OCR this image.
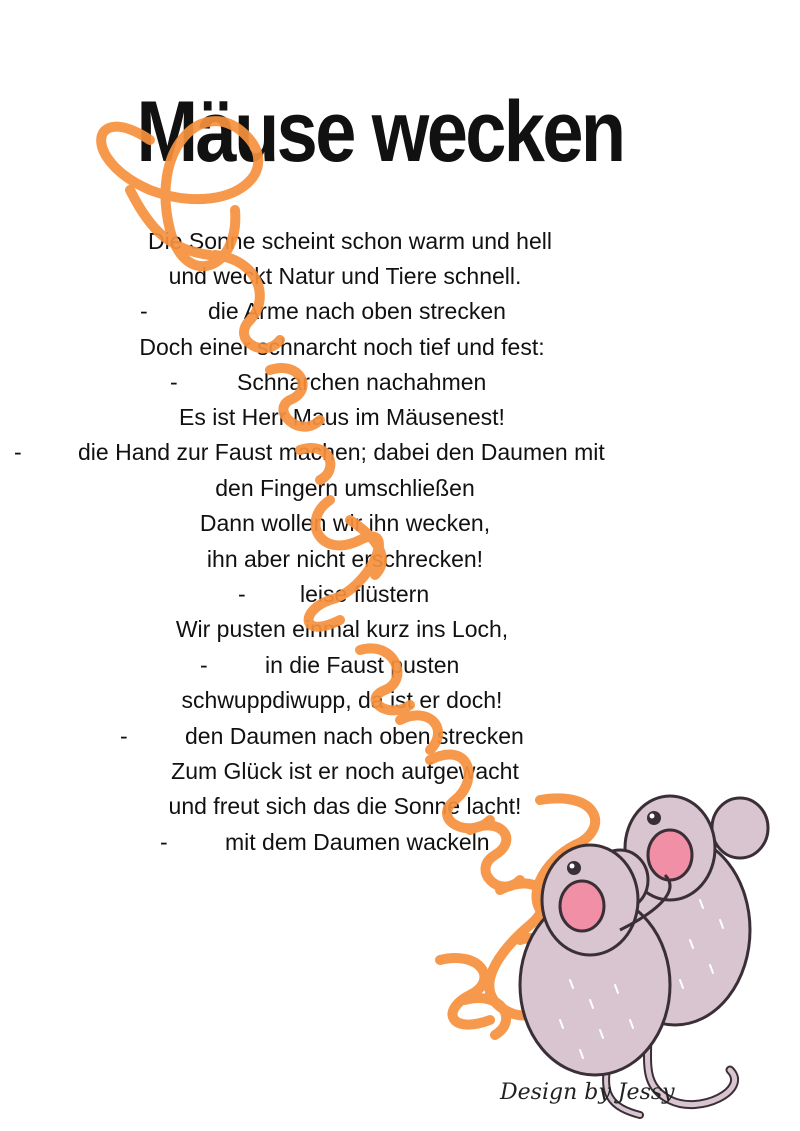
Mäuse wecken
Die Sonne scheint schon warm und hell
und weckt Natur und Tiere schnell.
-	die Arme nach oben strecken
Doch einer schnarcht noch tief und fest:
-	Schnarchen nachahmen
Es ist Herr Maus im Mäusenest!
- die Hand zur Faust machen; dabei den Daumen mit
den Fingern umschließen
Dann wollen wir ihn wecken,
ihn aber nicht erschrecken!
- leise flüstern
Wir pusten einmal kurz ins Loch,
- in die Faust pusten
schwuppdiwupp, da ist er doch!
- den Daumen nach oben strecken
Zum Glück ist er noch aufgewacht
und freut sich das die Sonne lacht!
- mit dem Daumen wackeln
Design by Jessy
